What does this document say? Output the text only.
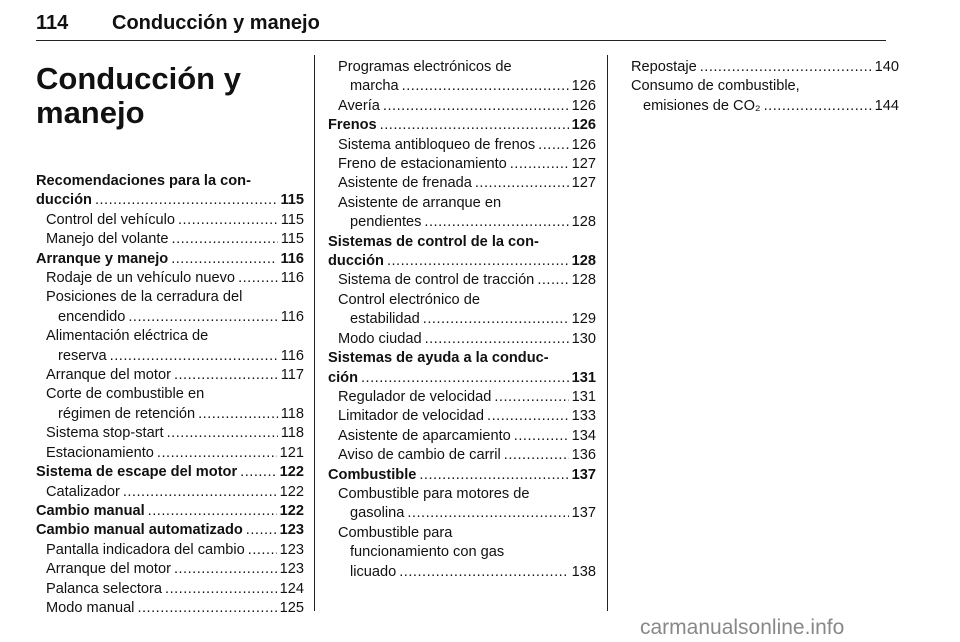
114 Conducción y manejo
Conducción y manejo
Recomendaciones para la con-
ducción .....	115
Control del vehículo .....	115
Manejo del volante .....	115
Arranque y manejo .....	116
Rodaje de un vehículo nuevo .....	116
Posiciones de la cerradura del
encendido .....	116
Alimentación eléctrica de
reserva .....	116
Arranque del motor .....	117
Corte de combustible en
régimen de retención .....	118
Sistema stop-start .....	118
Estacionamiento .....	121
Sistema de escape del motor .....	122
Catalizador .....	122
Cambio manual .....	122
Cambio manual automatizado .....	123
Pantalla indicadora del cambio ..... 123
Arranque del motor .....	123
Palanca selectora .....	124
Modo manual .....	125
Programas electrónicos de
marcha .....	126
Avería .....	126
Frenos .....	126
Sistema antibloqueo de frenos ..... 126
Freno de estacionamiento .....	127
Asistente de frenada .....	127
Asistente de arranque en
pendientes .....	128
Sistemas de control de la con-
ducción .....	128
Sistema de control de tracción .....	128
Control electrónico de
estabilidad .....	129
Modo ciudad .....	130
Sistemas de ayuda a la conduc-
ción .....	131
Regulador de velocidad .....	131
Limitador de velocidad .....	133
Asistente de aparcamiento .....	134
Aviso de cambio de carril .....	136
Combustible .....	137
Combustible para motores de
gasolina .....	137
Combustible para
funcionamiento con gas
licuado .....	138
Repostaje .....	140
Consumo de combustible,
emisiones de CO₂ .....	144
carmanualsonline.info
